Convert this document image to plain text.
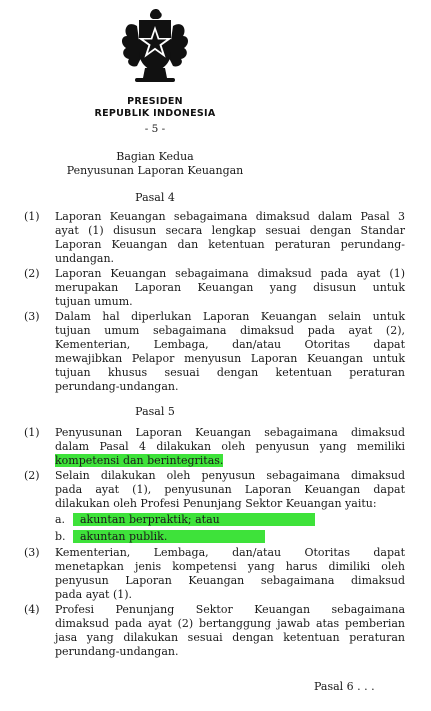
PRESIDEN
REPUBLIK INDONESIA
- 5 -
Bagian Kedua
Penyusunan Laporan Keuangan
Pasal 4
(1)	Laporan Keuangan sebagaimana dimaksud dalam Pasal 3
ayat (1) disusun secara lengkap sesuai dengan Standar
Laporan Keuangan dan ketentuan peraturan perundang-
undangan.
(2)	Laporan Keuangan sebagaimana dimaksud pada ayat (1)
merupakan Laporan Keuangan yang disusun untuk
tujuan umum.
(3)	Dalam hal diperlukan Laporan Keuangan selain untuk
tujuan umum sebagaimana dimaksud pada ayat (2),
Kementerian, Lembaga, dan/atau Otoritas dapat
mewajibkan Pelapor menyusun Laporan Keuangan untuk
tujuan khusus sesuai dengan ketentuan peraturan
perundang-undangan.
Pasal 5
(1)	Penyusunan Laporan Keuangan sebagaimana dimaksud
dalam Pasal 4 dilakukan oleh penyusun yang memiliki
kompetensi dan berintegritas.
(2)	Selain dilakukan oleh penyusun sebagaimana dimaksud
pada ayat (1), penyusunan Laporan Keuangan dapat
dilakukan oleh Profesi Penunjang Sektor Keuangan yaitu:
a.	akuntan berpraktik; atau
b.	akuntan publik.
(3)	Kementerian, Lembaga, dan/atau Otoritas dapat
menetapkan jenis kompetensi yang harus dimiliki oleh
penyusun Laporan Keuangan sebagaimana dimaksud
pada ayat (1).
(4)	Profesi Penunjang Sektor Keuangan sebagaimana
dimaksud pada ayat (2) bertanggung jawab atas pemberian
jasa yang dilakukan sesuai dengan ketentuan peraturan
perundang-undangan.
Pasal 6 . . .
